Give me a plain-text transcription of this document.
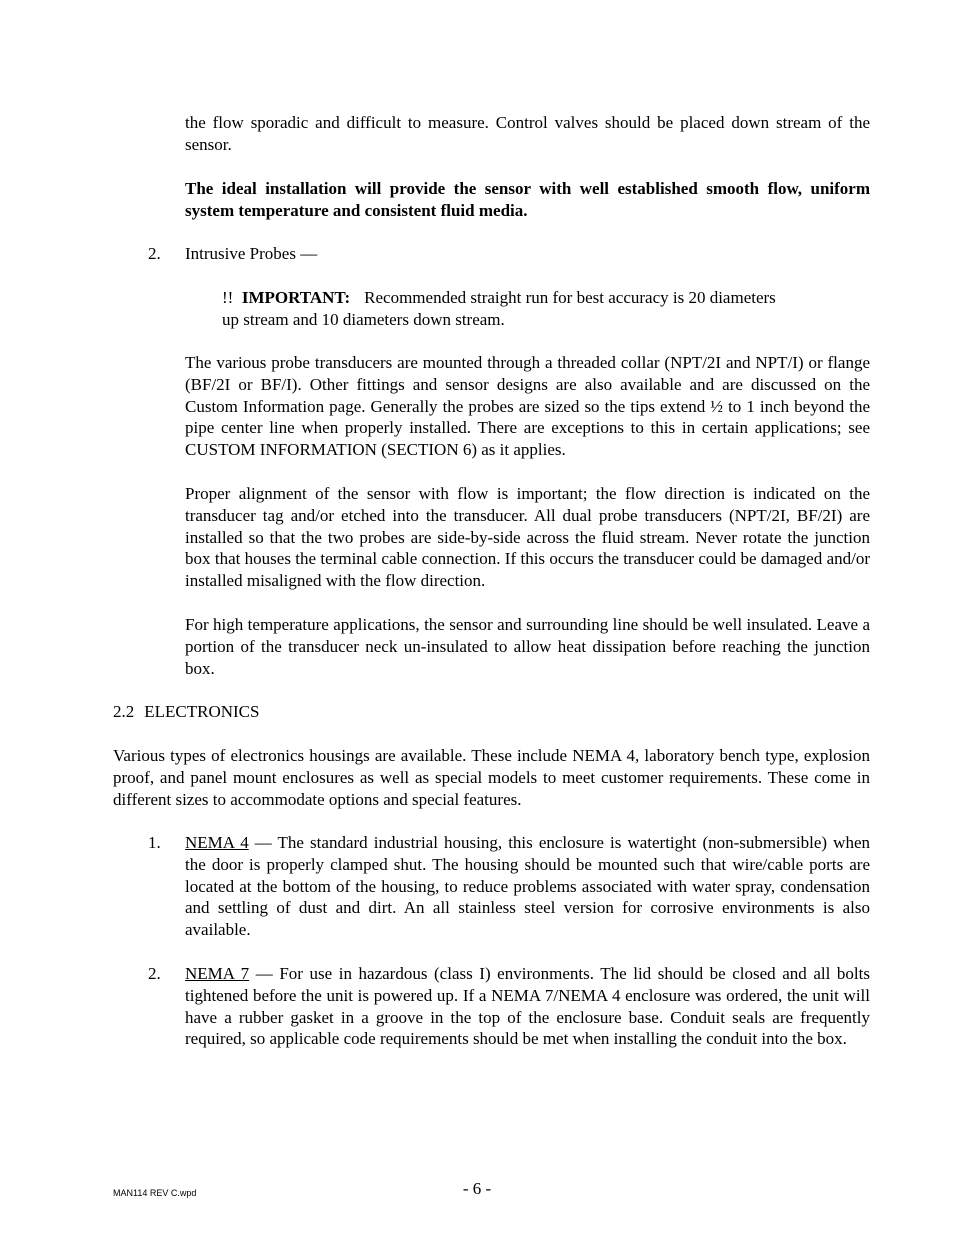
the flow sporadic and difficult to measure. Control valves should be placed down stream of the sensor.

The ideal installation will provide the sensor with well established smooth flow, uniform system temperature and consistent fluid media.

2. Intrusive Probes —

!! IMPORTANT: Recommended straight run for best accuracy is 20 diameters up stream and 10 diameters down stream.

The various probe transducers are mounted through a threaded collar (NPT/2I and NPT/I) or flange (BF/2I or BF/I). Other fittings and sensor designs are also available and are discussed on the Custom Information page. Generally the probes are sized so the tips extend ½ to 1 inch beyond the pipe center line when properly installed. There are exceptions to this in certain applications; see CUSTOM INFORMATION (SECTION 6) as it applies.

Proper alignment of the sensor with flow is important; the flow direction is indicated on the transducer tag and/or etched into the transducer. All dual probe transducers (NPT/2I, BF/2I) are installed so that the two probes are side-by-side across the fluid stream. Never rotate the junction box that houses the terminal cable connection. If this occurs the transducer could be damaged and/or installed misaligned with the flow direction.

For high temperature applications, the sensor and surrounding line should be well insulated. Leave a portion of the transducer neck un-insulated to allow heat dissipation before reaching the junction box.

2.2 ELECTRONICS

Various types of electronics housings are available. These include NEMA 4, laboratory bench type, explosion proof, and panel mount enclosures as well as special models to meet customer requirements. These come in different sizes to accommodate options and special features.

1. NEMA 4 — The standard industrial housing, this enclosure is watertight (non-submersible) when the door is properly clamped shut. The housing should be mounted such that wire/cable ports are located at the bottom of the housing, to reduce problems associated with water spray, condensation and settling of dust and dirt. An all stainless steel version for corrosive environments is also available.

2. NEMA 7 — For use in hazardous (class I) environments. The lid should be closed and all bolts tightened before the unit is powered up. If a NEMA 7/NEMA 4 enclosure was ordered, the unit will have a rubber gasket in a groove in the top of the enclosure base. Conduit seals are frequently required, so applicable code requirements should be met when installing the conduit into the box.

MAN114 REV C.wpd	- 6 -
